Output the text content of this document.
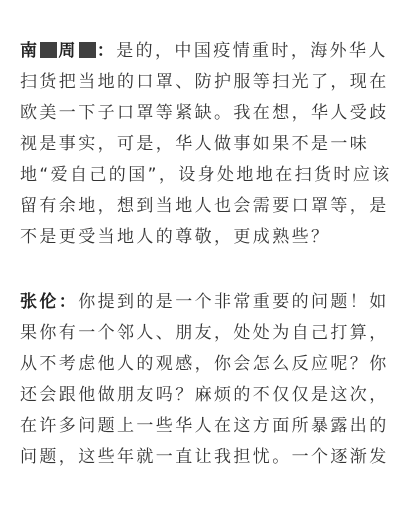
南 周 ：是的，中国疫情重时，海外华人
扫货把当地的口罩、防护服等扫光了，现在
欧美一下子口罩等紧缺。我在想，华人受歧
视是事实，可是，华人做事如果不是一味
地“爱自己的国”，设身处地地在扫货时应该
留有余地，想到当地人也会需要口罩等，是
不是更受当地人的尊敬，更成熟些？
张伦：你提到的是一个非常重要的问题！如
果你有一个邻人、朋友，处处为自己打算，
从不考虑他人的观感，你会怎么反应呢？你
还会跟他做朋友吗？麻烦的不仅仅是这次，
在许多问题上一些华人在这方面所暴露出的
问题，这些年就一直让我担忧。一个逐渐发
